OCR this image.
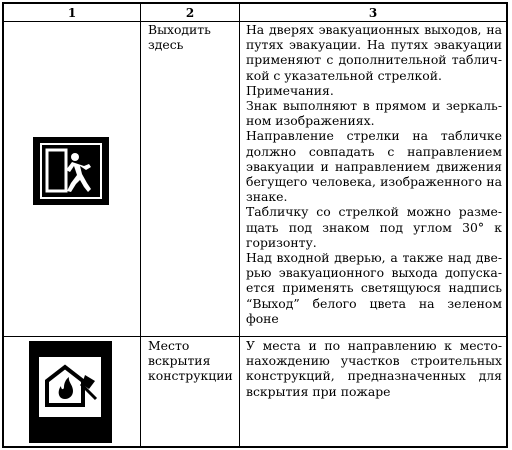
1	2	3
Выходить здесь

На дверях эвакуационных выходов, на путях эвакуации. На путях эвакуации применяют с дополнительной табличкой с указательной стрелкой.

Примечания.

Знак выполняют в прямом и зеркальном изображениях.

Направление стрелки на табличке должно совпадать с направлением эвакуации и направлением движения бегущего человека, изображенного на знаке.

Табличку со стрелкой можно размещать под знаком под углом 30° к горизонту.

Над входной дверью, а также над дверью эвакуационного выхода допускается применять светящуюся надпись “Выход” белого цвета на зеленом фоне

Место вскрытия конструкции

У места и по направлению к местонахождению участков строительных конструкций, предназначенных для вскрытия при пожаре
